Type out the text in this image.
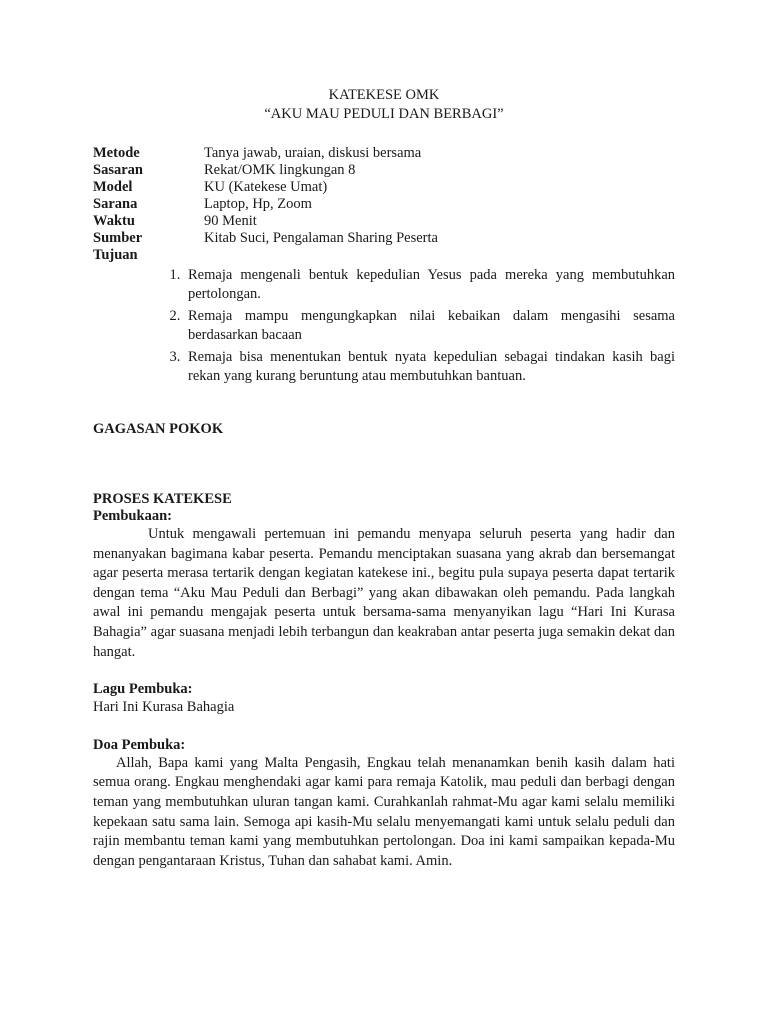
KATEKESE OMK
“AKU MAU PEDULI DAN BERBAGI”
Metode	Tanya jawab, uraian, diskusi bersama
Sasaran	Rekat/OMK lingkungan 8
Model	KU (Katekese Umat)
Sarana	Laptop, Hp, Zoom
Waktu	90 Menit
Sumber	Kitab Suci, Pengalaman Sharing Peserta
Tujuan
1. Remaja mengenali bentuk kepedulian Yesus pada mereka yang membutuhkan pertolongan.
2. Remaja mampu mengungkapkan nilai kebaikan dalam mengasihi sesama berdasarkan bacaan
3. Remaja bisa menentukan bentuk nyata kepedulian sebagai tindakan kasih bagi rekan yang kurang beruntung atau membutuhkan bantuan.
GAGASAN POKOK
PROSES KATEKESE
Pembukaan:
Untuk mengawali pertemuan ini pemandu menyapa seluruh peserta yang hadir dan menanyakan bagimana kabar peserta. Pemandu menciptakan suasana yang akrab dan bersemangat agar peserta merasa tertarik dengan kegiatan katekese ini., begitu pula supaya peserta dapat tertarik dengan tema “Aku Mau Peduli dan Berbagi” yang akan dibawakan oleh pemandu. Pada langkah awal ini pemandu mengajak peserta untuk bersama-sama menyanyikan lagu “Hari Ini Kurasa Bahagia” agar suasana menjadi lebih terbangun dan keakraban antar peserta juga semakin dekat dan hangat.
Lagu Pembuka:
Hari Ini Kurasa Bahagia
Doa Pembuka:
Allah, Bapa kami yang Malta Pengasih, Engkau telah menanamkan benih kasih dalam hati semua orang. Engkau menghendaki agar kami para remaja Katolik, mau peduli dan berbagi dengan teman yang membutuhkan uluran tangan kami. Curahkanlah rahmat-Mu agar kami selalu memiliki kepekaan satu sama lain. Semoga api kasih-Mu selalu menyemangati kami untuk selalu peduli dan rajin membantu teman kami yang membutuhkan pertolongan. Doa ini kami sampaikan kepada-Mu dengan pengantaraan Kristus, Tuhan dan sahabat kami. Amin.
